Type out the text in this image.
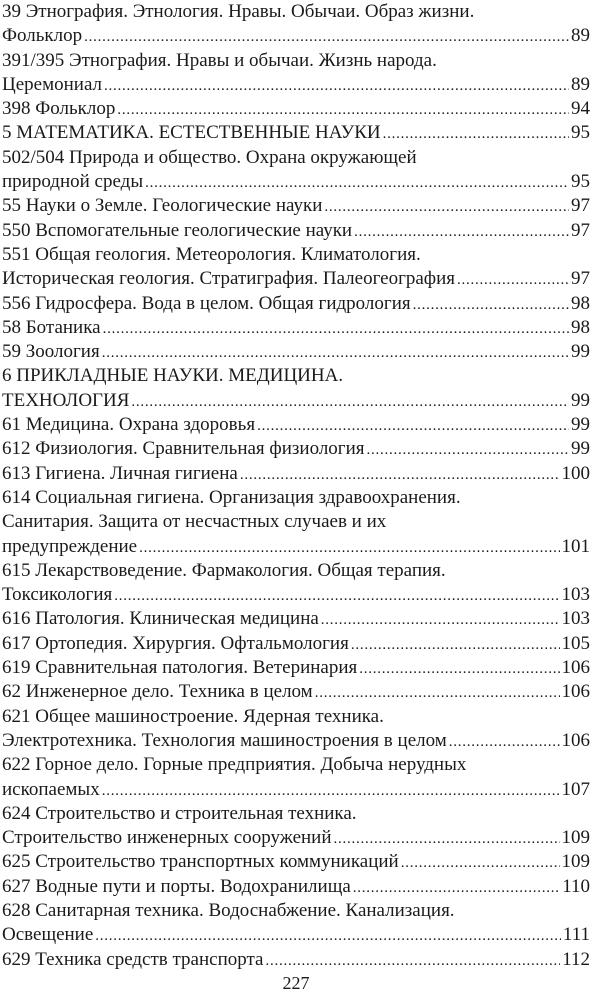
39 Этнография. Этнология. Нравы. Обычаи. Образ жизни.
Фольклор . . .	89
391/395 Этнография. Нравы и обычаи. Жизнь народа.
Церемониал . . .	89
398 Фольклор . . .	94
5 МАТЕМАТИКА. ЕСТЕСТВЕННЫЕ НАУКИ . . .	95
502/504 Природа и общество. Охрана окружающей
природной среды . . .	95
55 Науки о Земле. Геологические науки . . .	97
550 Вспомогательные геологические науки . . .	97
551 Общая геология. Метеорология. Климатология.
Историческая геология. Стратиграфия. Палеогеография . . .	97
556 Гидросфера. Вода в целом. Общая гидрология . . .	98
58 Ботаника . . .	98
59 Зоология . . .	99
6 ПРИКЛАДНЫЕ НАУКИ. МЕДИЦИНА.
ТЕХНОЛОГИЯ . . .	99
61 Медицина. Охрана здоровья . . .	99
612 Физиология. Сравнительная физиология . . .	99
613 Гигиена. Личная гигиена . . .	100
614 Социальная гигиена. Организация здравоохранения.
Санитария. Защита от несчастных случаев и их
предупреждение . . .	101
615 Лекарствоведение. Фармакология. Общая терапия.
Токсикология . . .	103
616 Патология. Клиническая медицина . . .	103
617 Ортопедия. Хирургия. Офтальмология . . .	105
619 Сравнительная патология. Ветеринария . . .	106
62 Инженерное дело. Техника в целом . . .	106
621 Общее машиностроение. Ядерная техника.
Электротехника. Технология машиностроения в целом . . .	106
622 Горное дело. Горные предприятия. Добыча нерудных
ископаемых . . .	107
624 Строительство и строительная техника.
Строительство инженерных сооружений . . .	109
625 Строительство транспортных коммуникаций . . .	109
627 Водные пути и порты. Водохранилища . . .	110
628 Санитарная техника. Водоснабжение. Канализация.
Освещение . . .	111
629 Техника средств транспорта . . .	112
227
